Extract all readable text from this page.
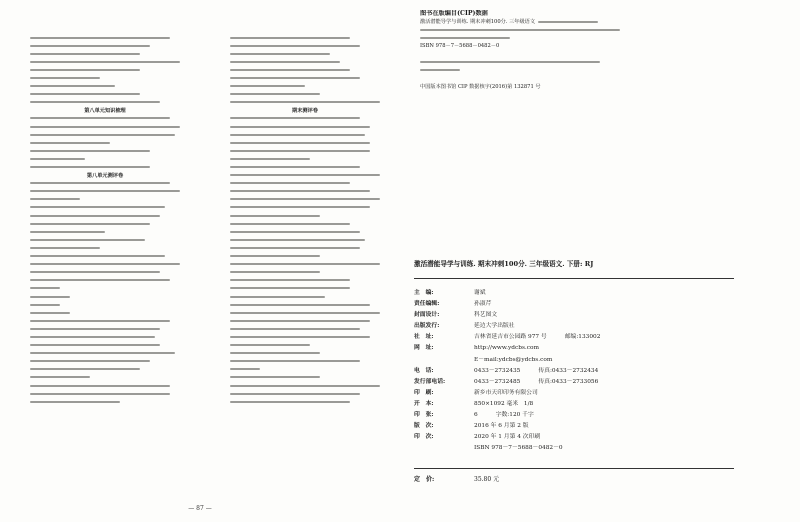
第八单元知识梳理
第八单元测评卷
期末测评卷
— 87 —
图书在版编目(CIP)数据
激活潜能导学与训练. 期末冲刺100分. 三年级语文
ISBN 978－7－5688－0482－0
中国版本图书馆 CIP 数据核字(2016)第 132871 号
激活潜能导学与训练. 期末冲刺100分. 三年级语文. 下册: RJ
主　编:	谢斌
责任编辑:	孙淑芹
封面设计:	科艺图文
出版发行:	延边大学出版社
社　址:	吉林省延吉市公园路 977 号	邮编:133002
网　址:	http://www.ydcbs.com
E－mail:ydcbs@ydcbs.com
电　话:	0433－2732435	传真:0433－2732434
发行部电话:	0433－2732485	传真:0433－2733056
印　刷:	新乡市天印印务有限公司
开　本:	850×1092 毫米　1/8
印　张:	6	字数:120 千字
版　次:	2016 年 6 月第 2 版
印　次:	2020 年 1 月第 4 次印刷
ISBN 978－7－5688－0482－0
定　价:	35.80 元
